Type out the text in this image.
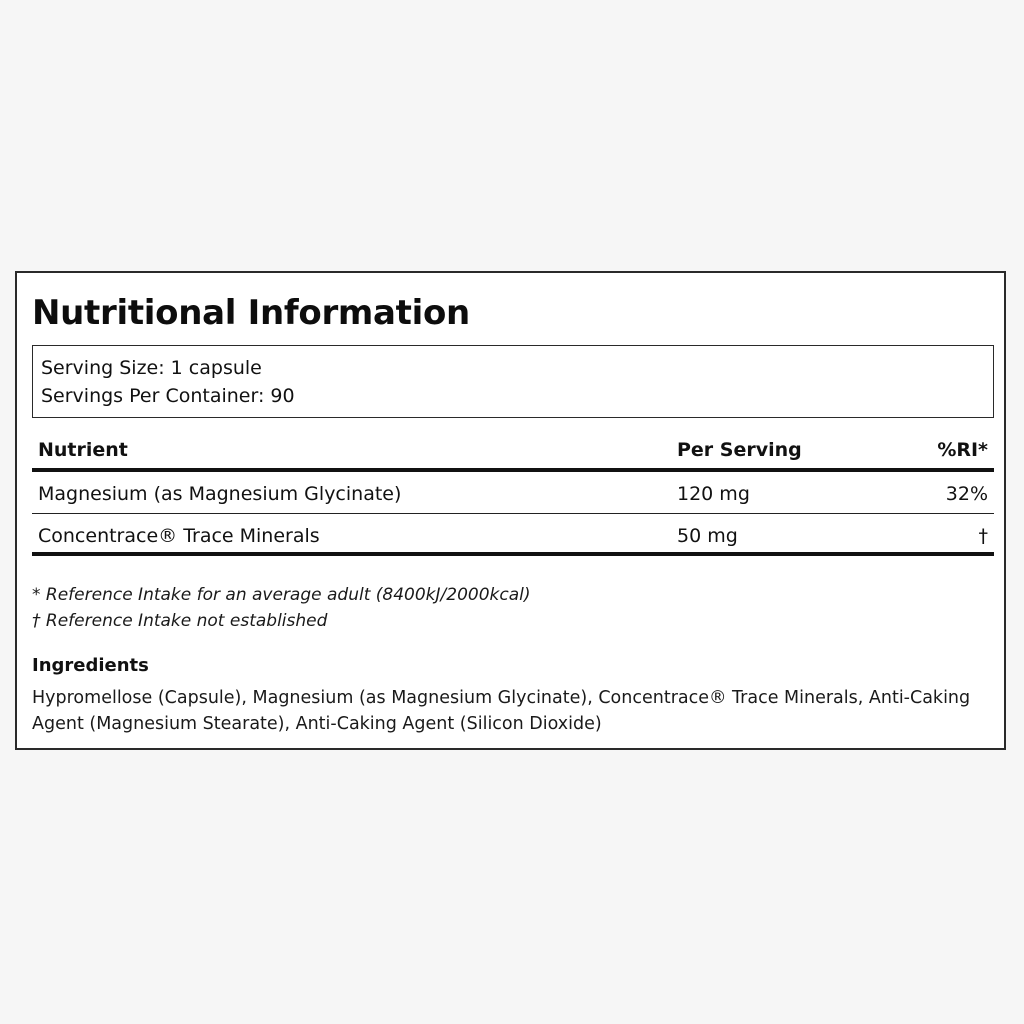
Nutritional Information
Serving Size: 1 capsule
Servings Per Container: 90
Nutrient	Per Serving	%RI*
Magnesium (as Magnesium Glycinate)	120 mg	32%
Concentrace® Trace Minerals	50 mg	†
* Reference Intake for an average adult (8400kJ/2000kcal)
† Reference Intake not established
Ingredients

Hypromellose (Capsule), Magnesium (as Magnesium Glycinate), Concentrace® Trace Minerals, Anti-Caking Agent (Magnesium Stearate), Anti-Caking Agent (Silicon Dioxide)
